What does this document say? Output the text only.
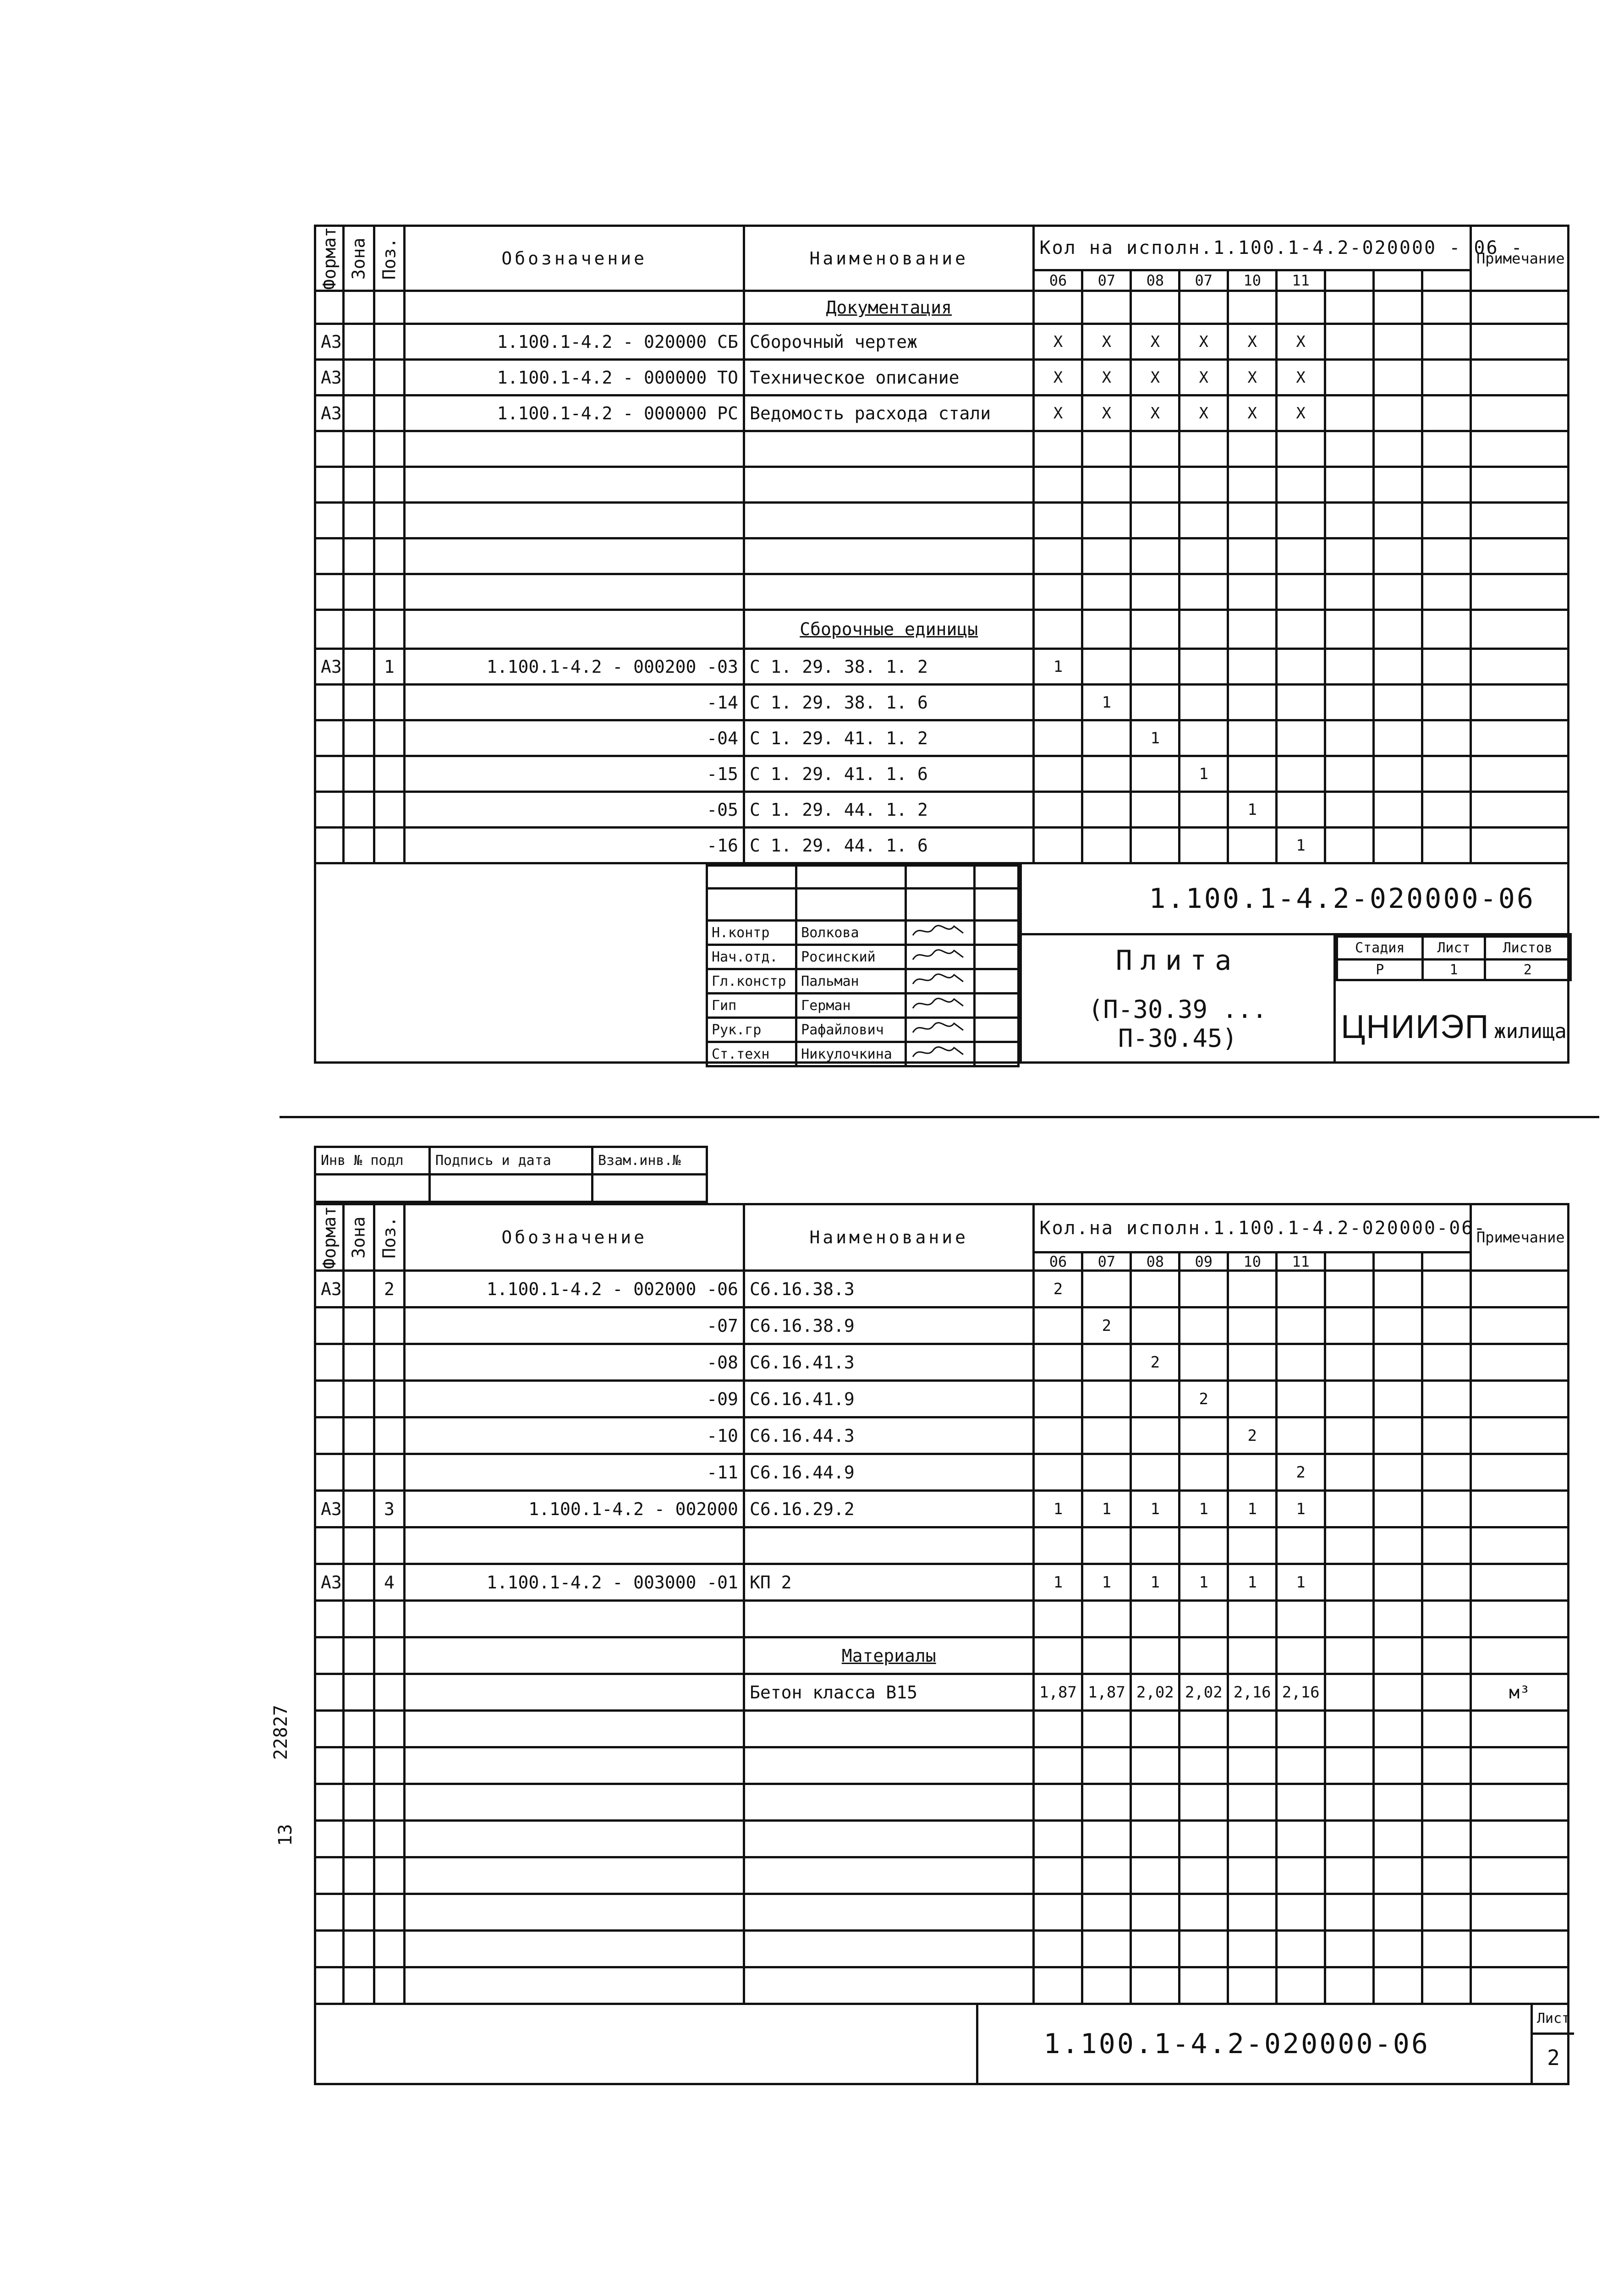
Формат	Зона	Поз.	Обозначение	Наименование	Кол на исполн.1.100.1-4.2-020000 - 06 -									Примечание
					06	07	08	07	10	11				
				Документация										
А3			1.100.1-4.2 - 020000 СБ	Сборочный чертеж	X	X	X	X	X	X				
А3			1.100.1-4.2 - 000000 ТО	Техническое описание	X	X	X	X	X	X				
А3			1.100.1-4.2 - 000000 РС	Ведомость расхода стали	X	X	X	X	X	X				

				Сборочные единицы										
А3		1	1.100.1-4.2 - 000200 -03	С 1. 29. 38. 1. 2	1									
			-14	С 1. 29. 38. 1. 6		1								
			-04	С 1. 29. 41. 1. 2			1							
			-15	С 1. 29. 41. 1. 6				1						
			-05	С 1. 29. 44. 1. 2					1					
			-16	С 1. 29. 44. 1. 6						1				

Н.контр	Волкова		
Нач.отд.	Росинский		
Гл.констр	Пальман		
Гип	Герман		
Рук.гр	Рафайлович		
Ст.техн	Никулочкина		
1.100.1-4.2-020000-06
Плита
(П-30.39 ... П-30.45)
Стадия	Лист	Листов
Р	1	2
ЦНИИЭП жилища
Инв № подл	Подпись и дата	Взам.инв.№

Формат	Зона	Поз.	Обозначение	Наименование	Кол.на исполн.1.100.1-4.2-020000-06-									Примечание
					06	07	08	09	10	11				
А3		2	1.100.1-4.2 - 002000 -06	С6.16.38.3	2									
			-07	С6.16.38.9		2								
			-08	С6.16.41.3			2							
			-09	С6.16.41.9				2						
			-10	С6.16.44.3					2					
			-11	С6.16.44.9						2				
А3		3	1.100.1-4.2 - 002000	С6.16.29.2	1	1	1	1	1	1				

А3		4	1.100.1-4.2 - 003000 -01	КП 2	1	1	1	1	1	1				

				Материалы										
				Бетон класса В15	1,87	1,87	2,02	2,02	2,16	2,16				м³

1.100.1-4.2-020000-06
Лист
2
22827
13
